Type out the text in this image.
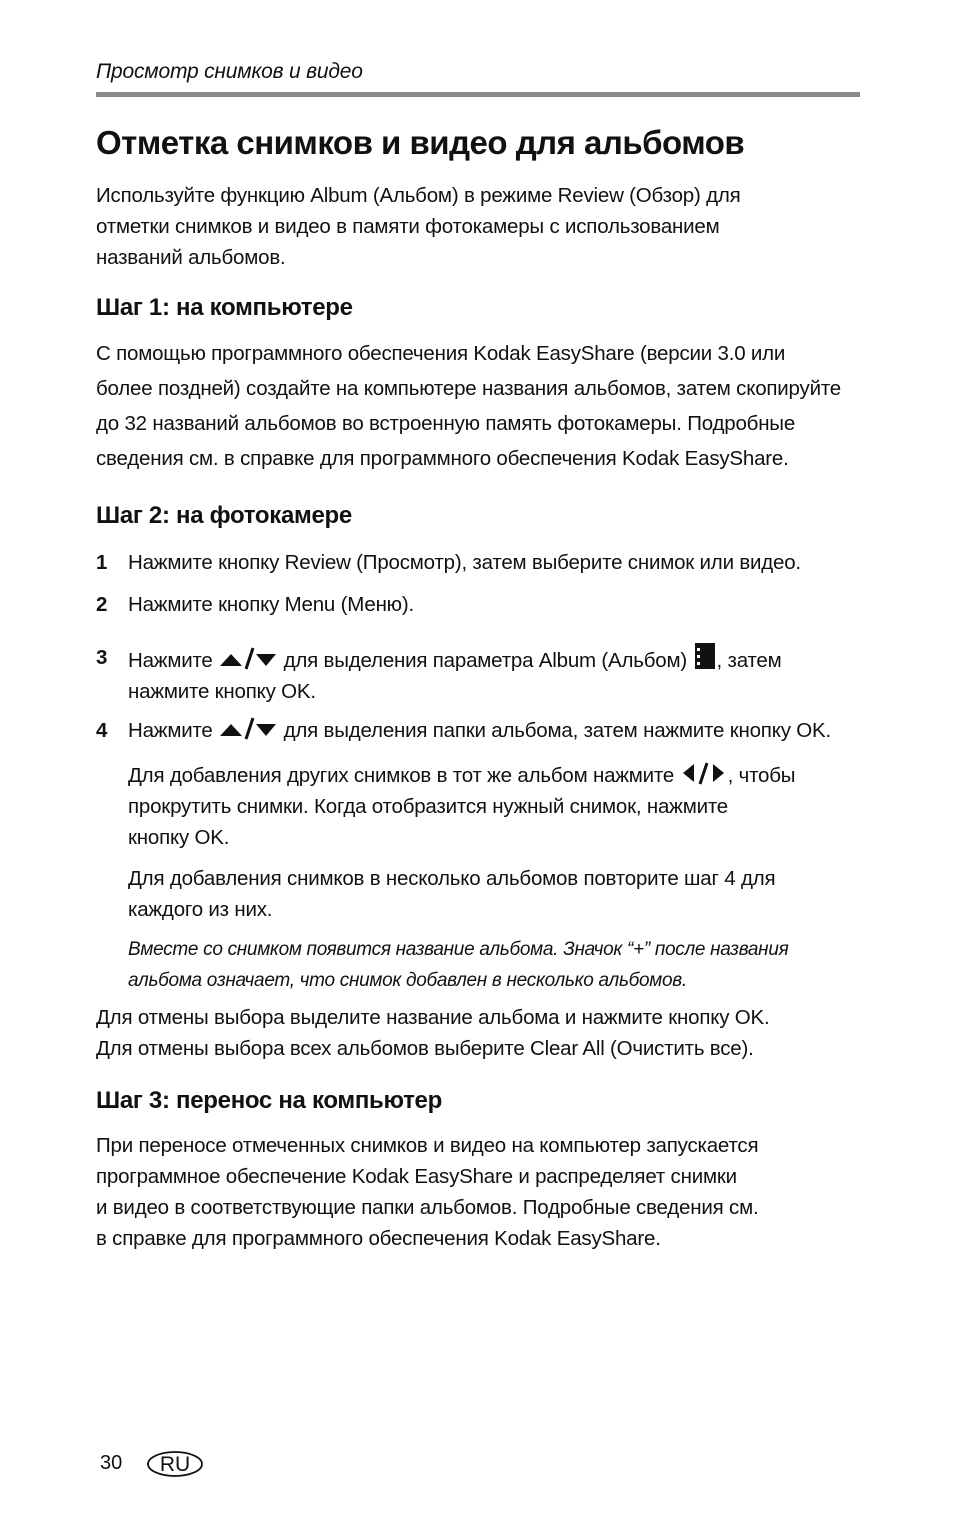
Просмотр снимков и видео
Отметка снимков и видео для альбомов

Используйте функцию Album (Альбом) в режиме Review (Обзор) для
отметки снимков и видео в памяти фотокамеры с использованием
названий альбомов.

Шаг 1: на компьютере

С помощью программного обеспечения Kodak EasyShare (версии 3.0 или
более поздней) создайте на компьютере названия альбомов, затем скопируйте
до 32 названий альбомов во встроенную память фотокамеры. Подробные
сведения см. в справке для программного обеспечения Kodak EasyShare.

Шаг 2: на фотокамере
1 Нажмите кнопку Review (Просмотр), затем выберите снимок или видео.
2 Нажмите кнопку Menu (Меню).
3 Нажмите	для выделения параметра Album (Альбом) , затем
нажмите кнопку OK.
4 Нажмите	для выделения папки альбома, затем нажмите кнопку OK.

Для добавления других снимков в тот же альбом нажмите	, чтобы
прокрутить снимки. Когда отобразится нужный снимок, нажмите
кнопку OK.

Для добавления снимков в несколько альбомов повторите шаг 4 для
каждого из них.

Вместе со снимком появится название альбома. Значок “+” после названия
альбома означает, что снимок добавлен в несколько альбомов.

Для отмены выбора выделите название альбома и нажмите кнопку OK.
Для отмены выбора всех альбомов выберите Clear All (Очистить все).

Шаг 3: перенос на компьютер

При переносе отмеченных снимков и видео на компьютер запускается
программное обеспечение Kodak EasyShare и распределяет снимки
и видео в соответствующие папки альбомов. Подробные сведения см.
в справке для программного обеспечения Kodak EasyShare.

30 RU
